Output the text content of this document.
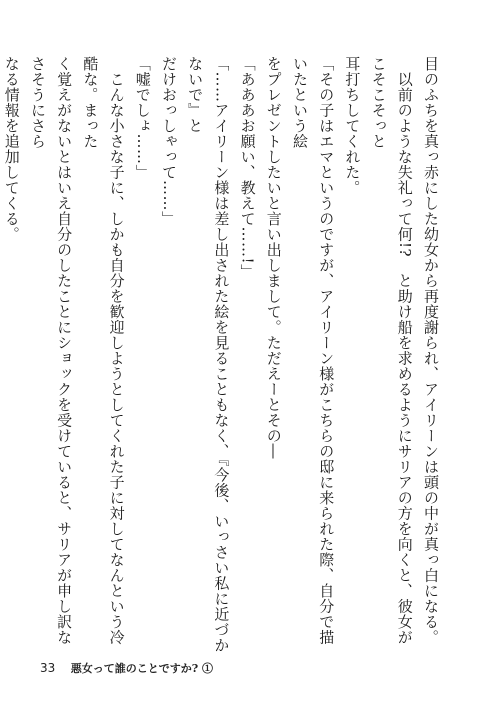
目のふちを真っ赤にした幼女から再度謝られ、アイリーンは頭の中が真っ白になる。

　以前のような失礼って何!?　と助け船を求めるようにサリアの方を向くと、彼女がこそこそっと

耳打ちしてくれた。

「その子はエマというのですが、アイリーン様がこちらの邸に来られた際、自分で描いたという絵

をプレゼントしたいと言い出しまして。ただえーとその―

「あああお願い、教えて……!」

「……アイリーン様は差し出された絵を見ることもなく、『今後、いっさい私に近づかないで』と

だけおっしゃって……」

「嘘でしょ……」

　こんな小さな子に、しかも自分を歓迎しようとしてくれた子に対してなんという冷酷な。まった

く覚えがないとはいえ自分のしたことにショックを受けていると、サリアが申し訳なさそうにさら

なる情報を追加してくる。

33 悪女って誰のことですか? ①
